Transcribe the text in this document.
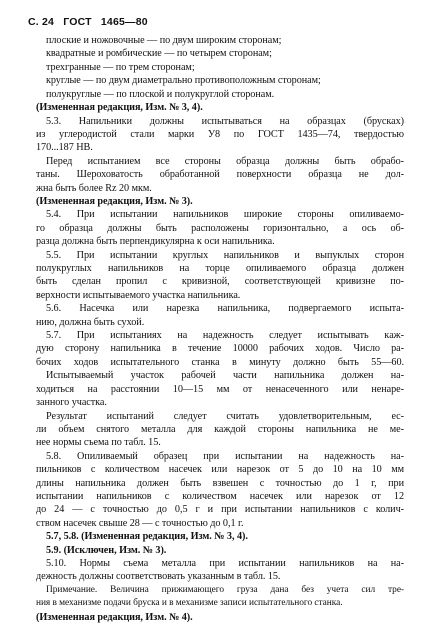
С. 24 ГОСТ 1465—80
плоские и ножовочные — по двум широким сторонам;
квадратные и ромбические — по четырем сторонам;
трехгранные — по трем сторонам;
круглые — по двум диаметрально противоположным сторонам;
полукруглые — по плоской и полукруглой сторонам.
(Измененная редакция, Изм. № 3, 4).
5.3. Напильники должны испытываться на образцах (брусках)
из углеродистой стали марки У8 по ГОСТ 1435—74, твердостью
170...187 НВ.
Перед испытанием все стороны образца должны быть обрабо-
таны. Шероховатость обработанной поверхности образца не дол-
жна быть более Rz 20 мкм.
(Измененная редакция, Изм. № 3).
5.4. При испытании напильников широкие стороны опиливаемо-
го образца должны быть расположены горизонтально, а ось об-
разца должна быть перпендикулярна к оси напильника.
5.5. При испытании круглых напильников и выпуклых сторон
полукруглых напильников на торце опиливаемого образца должен
быть сделан пропил с кривизной, соответствующей кривизне по-
верхности испытываемого участка напильника.
5.6. Насечка или нарезка напильника, подвергаемого испыта-
нию, должна быть сухой.
5.7. При испытаниях на надежность следует испытывать кaж-
дую сторону напильника в течение 10000 рабочих ходов. Число ра-
бочих ходов испытательного станка в минуту должно быть 55—60.
Испытываемый участок рабочей части напильника должен на-
ходиться на расстоянии 10—15 мм от ненасеченного или ненаре-
занного участка.
Результат испытаний следует считать удовлетворительным, ес-
ли объем снятого металла для каждой стороны напильника не ме-
нее нормы съема по табл. 15.
5.8. Опиливаемый образец при испытании на надежность на-
пильников с количеством насечек или нарезок от 5 до 10 на 10 мм
длины напильника должен быть взвешен с точностью до 1 г, при
испытании напильников с количеством насечек или нарезок от 12
до 24 — с точностью до 0,5 г и при испытании напильников с колич-
ством насечек свыше 28 — с точностью до 0,1 г.
5.7, 5.8. (Измененная редакция, Изм. № 3, 4).
5.9. (Исключен, Изм. № 3).
5.10. Нормы съема металла при испытании напильников на на-
дежность должны соответствовать указанным в табл. 15.
Примечание. Величина прижимающего груза дана без учета сил тре-
ния в механизме подачи бруска и в механизме записи испытательного станка.
(Измененная редакция, Изм. № 4).
